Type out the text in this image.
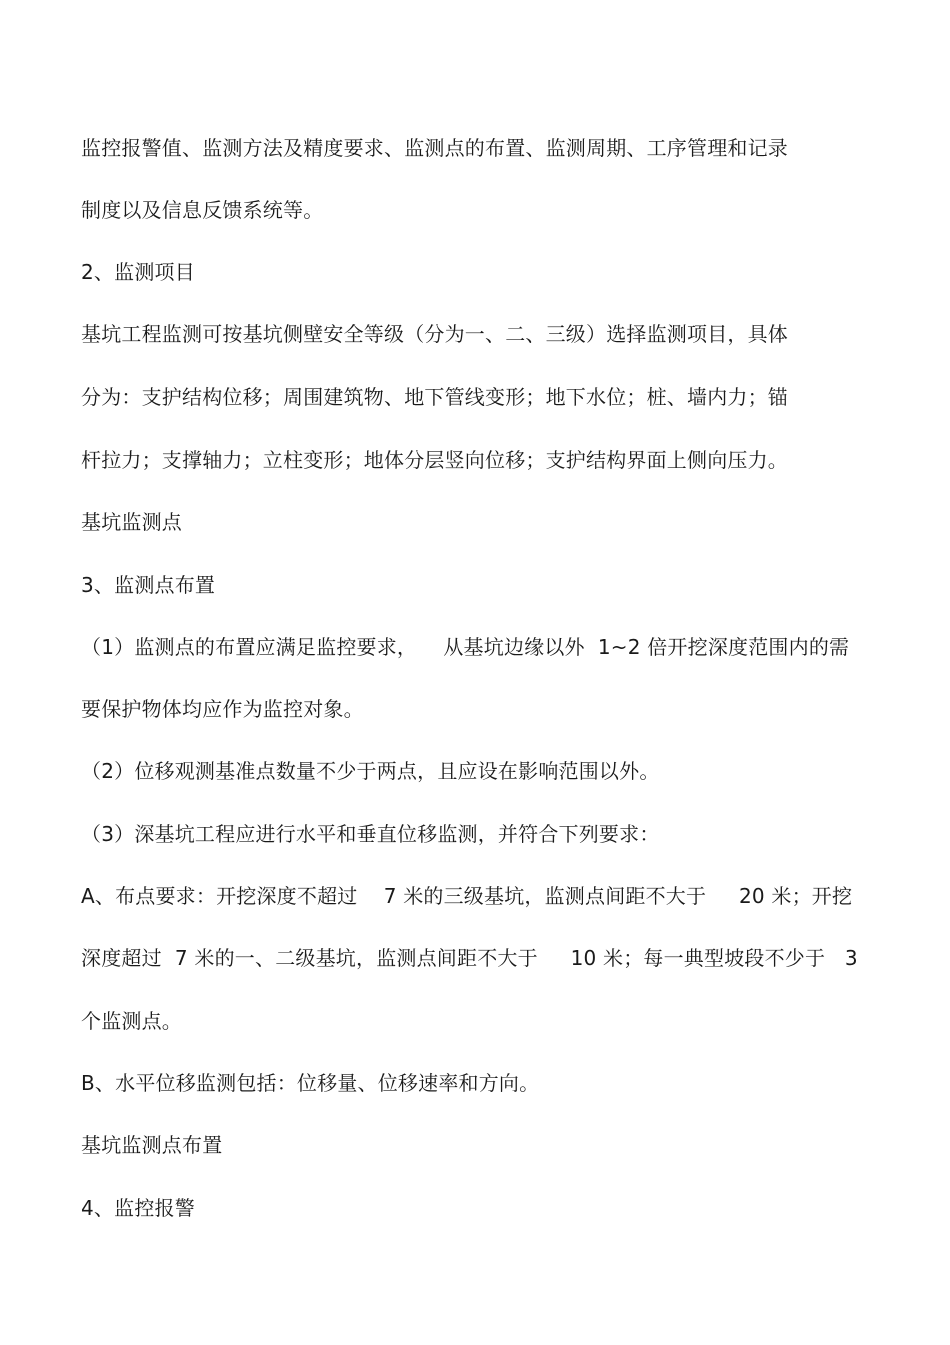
监控报警值、监测方法及精度要求、监测点的布置、监测周期、工序管理和记录
制度以及信息反馈系统等。
2、监测项目
基坑工程监测可按基坑侧壁安全等级（分为一、二、三级）选择监测项目，具体
分为：支护结构位移；周围建筑物、地下管线变形；地下水位；桩、墙内力；锚
杆拉力；支撑轴力；立柱变形；地体分层竖向位移；支护结构界面上侧向压力。
基坑监测点
3、监测点布置
（1）监测点的布置应满足监控要求，    从基坑边缘以外  1~2 倍开挖深度范围内的需
要保护物体均应作为监控对象。
（2）位移观测基准点数量不少于两点，且应设在影响范围以外。
（3）深基坑工程应进行水平和垂直位移监测，并符合下列要求：
A、布点要求：开挖深度不超过    7 米的三级基坑，监测点间距不大于     20 米；开挖
深度超过  7 米的一、二级基坑，监测点间距不大于     10 米；每一典型坡段不少于   3
个监测点。
B、水平位移监测包括：位移量、位移速率和方向。
基坑监测点布置
4、监控报警
